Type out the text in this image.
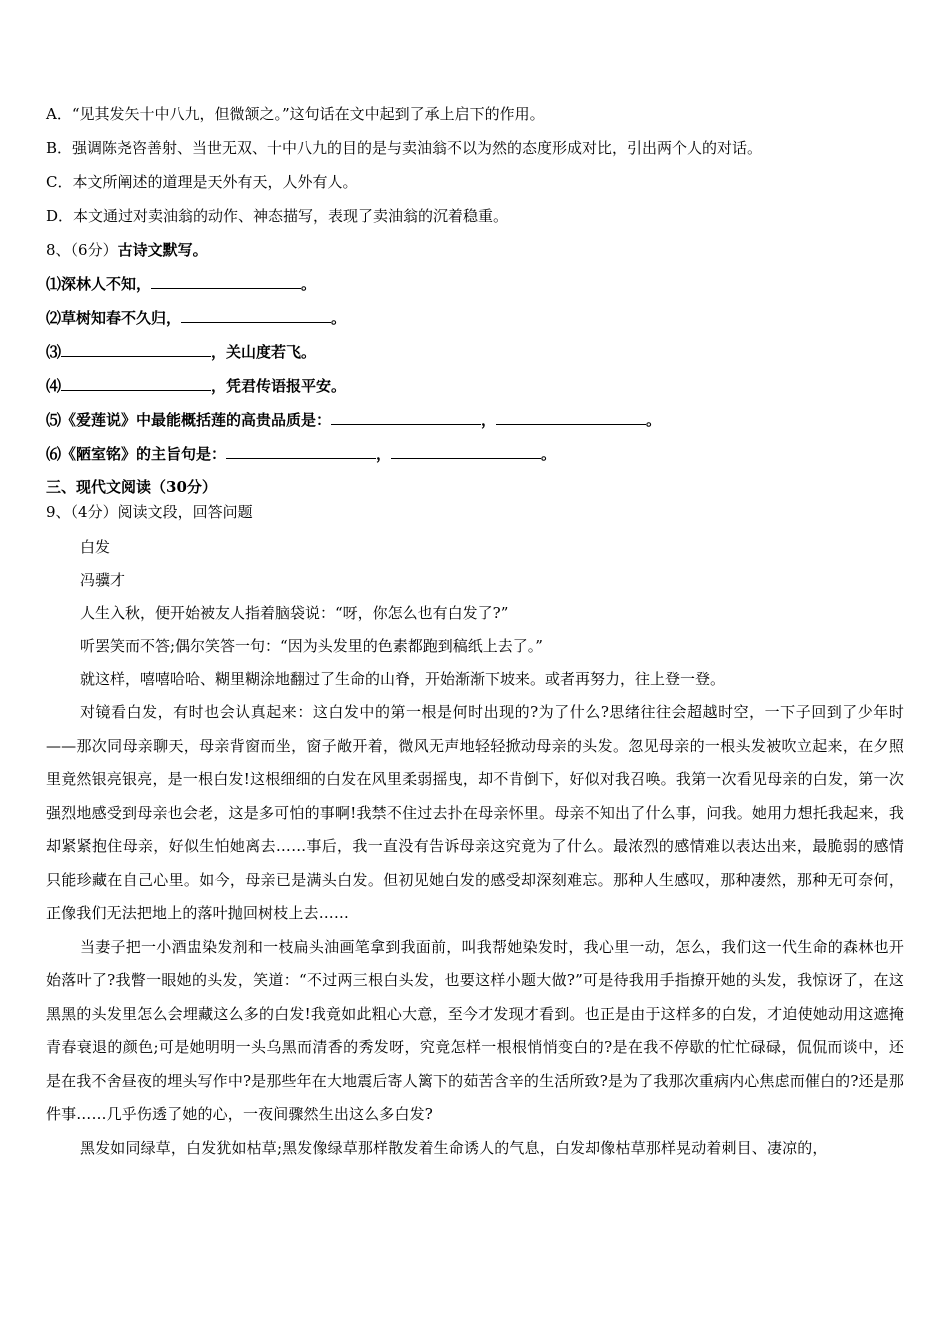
A．“见其发矢十中八九，但微颔之。”这句话在文中起到了承上启下的作用。
B．强调陈尧咨善射、当世无双、十中八九的目的是与卖油翁不以为然的态度形成对比，引出两个人的对话。
C．本文所阐述的道理是天外有天，人外有人。
D．本文通过对卖油翁的动作、神态描写，表现了卖油翁的沉着稳重。
8、（6分）古诗文默写。
⑴深林人不知，	。
⑵草树知春不久归，	。
⑶	，关山度若飞。
⑷	，凭君传语报平安。
⑸《爱莲说》中最能概括莲的高贵品质是：	，	。
⑹《陋室铭》的主旨句是：	，	。
三、现代文阅读（30分）
9、（4分）阅读文段，回答问题
白发
冯骥才
人生入秋，便开始被友人指着脑袋说：“呀，你怎么也有白发了?”
听罢笑而不答;偶尔笑答一句：“因为头发里的色素都跑到稿纸上去了。”
就这样，嘻嘻哈哈、糊里糊涂地翻过了生命的山脊，开始渐渐下坡来。或者再努力，往上登一登。

对镜看白发，有时也会认真起来：这白发中的第一根是何时出现的?为了什么?思绪往往会超越时空，一下子回到了少年时——那次同母亲聊天，母亲背窗而坐，窗子敞开着，微风无声地轻轻掀动母亲的头发。忽见母亲的一根头发被吹立起来，在夕照里竟然银亮银亮，是一根白发!这根细细的白发在风里柔弱摇曳，却不肯倒下，好似对我召唤。我第一次看见母亲的白发，第一次强烈地感受到母亲也会老，这是多可怕的事啊!我禁不住过去扑在母亲怀里。母亲不知出了什么事，问我。她用力想托我起来，我却紧紧抱住母亲，好似生怕她离去……事后，我一直没有告诉母亲这究竟为了什么。最浓烈的感情难以表达出来，最脆弱的感情只能珍藏在自己心里。如今，母亲已是满头白发。但初见她白发的感受却深刻难忘。那种人生感叹，那种凄然，那种无可奈何，正像我们无法把地上的落叶抛回树枝上去……

当妻子把一小酒盅染发剂和一枝扁头油画笔拿到我面前，叫我帮她染发时，我心里一动，怎么，我们这一代生命的森林也开始落叶了?我瞥一眼她的头发，笑道：“不过两三根白头发，也要这样小题大做?”可是待我用手指撩开她的头发，我惊讶了，在这黑黑的头发里怎么会埋藏这么多的白发!我竟如此粗心大意，至今才发现才看到。也正是由于这样多的白发，才迫使她动用这遮掩青春衰退的颜色;可是她明明一头乌黑而清香的秀发呀，究竟怎样一根根悄悄变白的?是在我不停歇的忙忙碌碌，侃侃而谈中，还是在我不舍昼夜的埋头写作中?是那些年在大地震后寄人篱下的茹苦含辛的生活所致?是为了我那次重病内心焦虑而催白的?还是那件事……几乎伤透了她的心，一夜间骤然生出这么多白发?

黑发如同绿草，白发犹如枯草;黑发像绿草那样散发着生命诱人的气息，白发却像枯草那样晃动着刺目、凄凉的，
